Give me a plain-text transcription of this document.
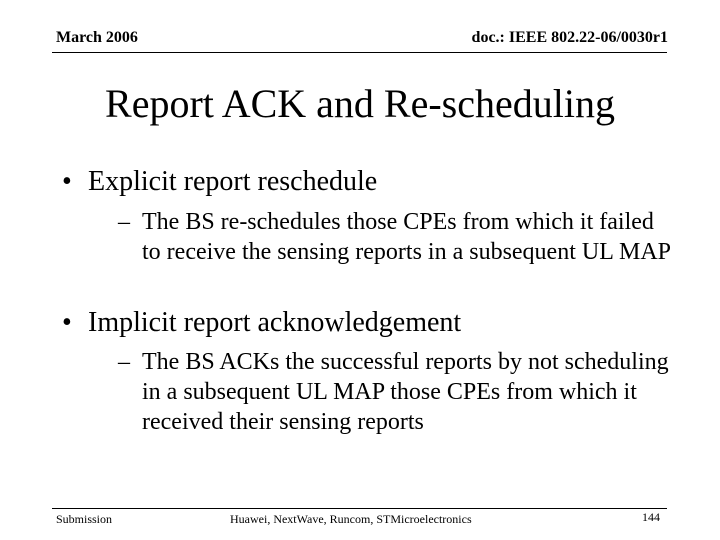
March 2006	doc.: IEEE 802.22-06/0030r1
Report ACK and Re-scheduling
• Explicit report reschedule
– The BS re-schedules those CPEs from which it failed to receive the sensing reports in a subsequent UL MAP
• Implicit report acknowledgement
– The BS ACKs the successful reports by not scheduling in a subsequent UL MAP those CPEs from which it received their sensing reports
Submission	Huawei, NextWave, Runcom, STMicroelectronics	144
